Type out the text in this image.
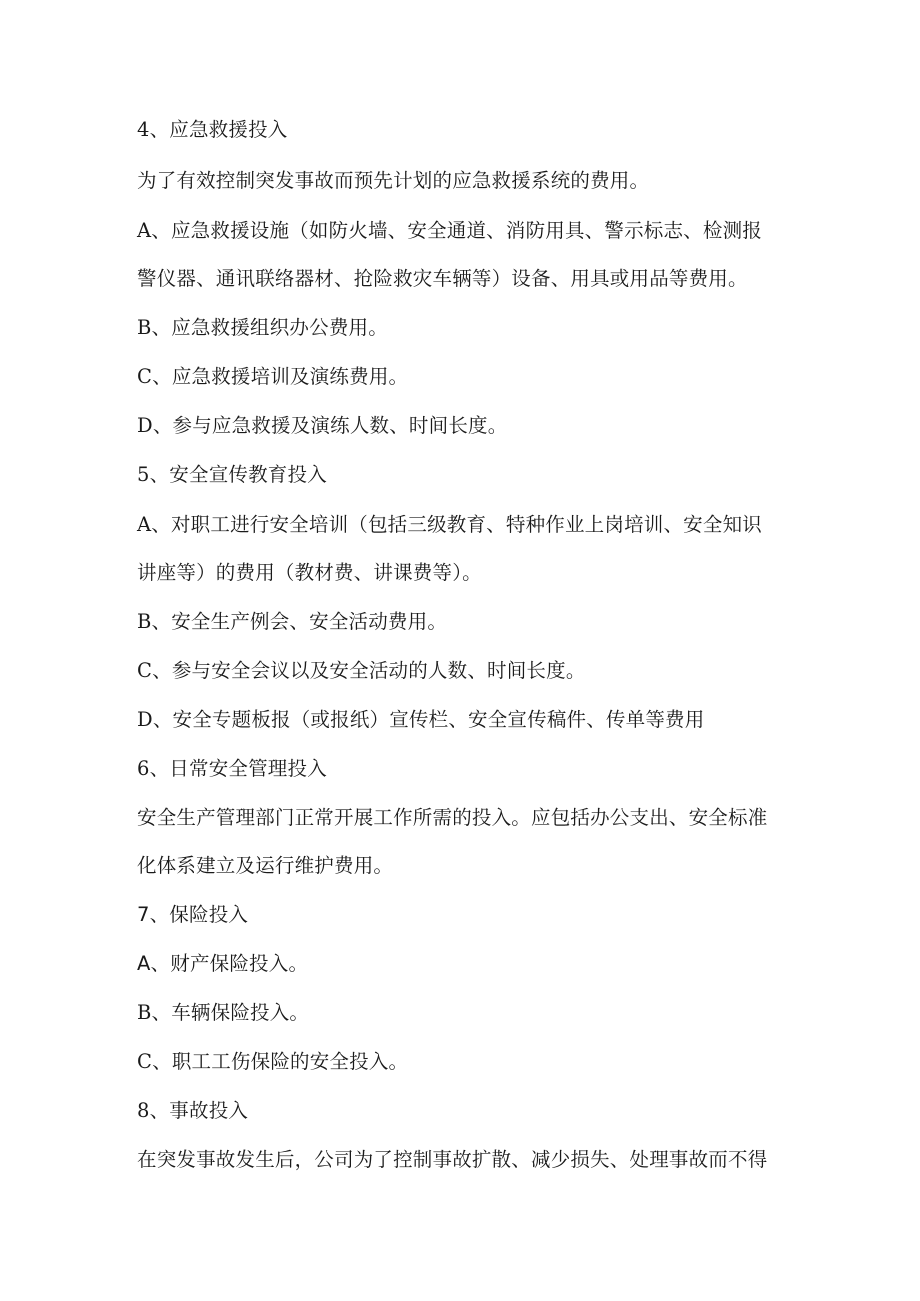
4、应急救援投入
为了有效控制突发事故而预先计划的应急救援系统的费用。
A、应急救援设施（如防火墙、安全通道、消防用具、警示标志、检测报
警仪器、通讯联络器材、抢险救灾车辆等）设备、用具或用品等费用。
B、应急救援组织办公费用。
C、应急救援培训及演练费用。
D、参与应急救援及演练人数、时间长度。
5、安全宣传教育投入
A、对职工进行安全培训（包括三级教育、特种作业上岗培训、安全知识
讲座等）的费用（教材费、讲课费等）。
B、安全生产例会、安全活动费用。
C、参与安全会议以及安全活动的人数、时间长度。
D、安全专题板报（或报纸）宣传栏、安全宣传稿件、传单等费用
6、日常安全管理投入
安全生产管理部门正常开展工作所需的投入。应包括办公支出、安全标准
化体系建立及运行维护费用。
7、保险投入
A、财产保险投入。
B、车辆保险投入。
C、职工工伤保险的安全投入。
8、事故投入
在突发事故发生后，公司为了控制事故扩散、减少损失、处理事故而不得
